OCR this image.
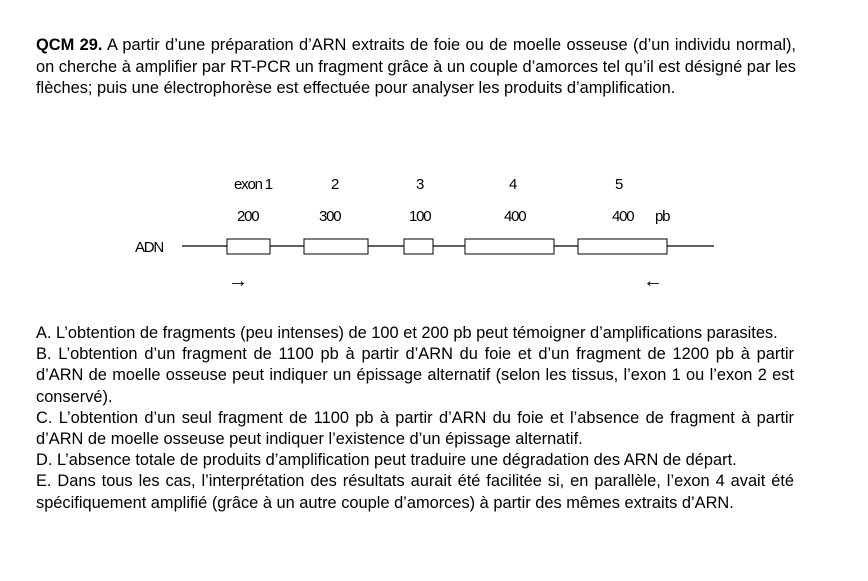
QCM 29. A partir d’une préparation d’ARN extraits de foie ou de moelle osseuse (d’un individu normal), on cherche à amplifier par RT-PCR un fragment grâce à un couple d’amorces tel qu’il est désigné par les flèches; puis une électrophorèse est effectuée pour analyser les produits d’amplification.

exon 1	2	3	4	5
200	300	100	400	400 pb
ADN
→	←
A. L’obtention de fragments (peu intenses) de 100 et 200 pb peut témoigner d’amplifications parasites.
B. L’obtention d’un fragment de 1100 pb à partir d’ARN du foie et d’un fragment de 1200 pb à partir d’ARN de moelle osseuse peut indiquer un épissage alternatif (selon les tissus, l’exon 1 ou l’exon 2 est conservé).
C. L’obtention d’un seul fragment de 1100 pb à partir d’ARN du foie et l’absence de fragment à partir d’ARN de moelle osseuse peut indiquer l’existence d’un épissage alternatif.
D. L’absence totale de produits d’amplification peut traduire une dégradation des ARN de départ.
E. Dans tous les cas, l’interprétation des résultats aurait été facilitée si, en parallèle, l’exon 4 avait été spécifiquement amplifié (grâce à un autre couple d’amorces) à partir des mêmes extraits d’ARN.
